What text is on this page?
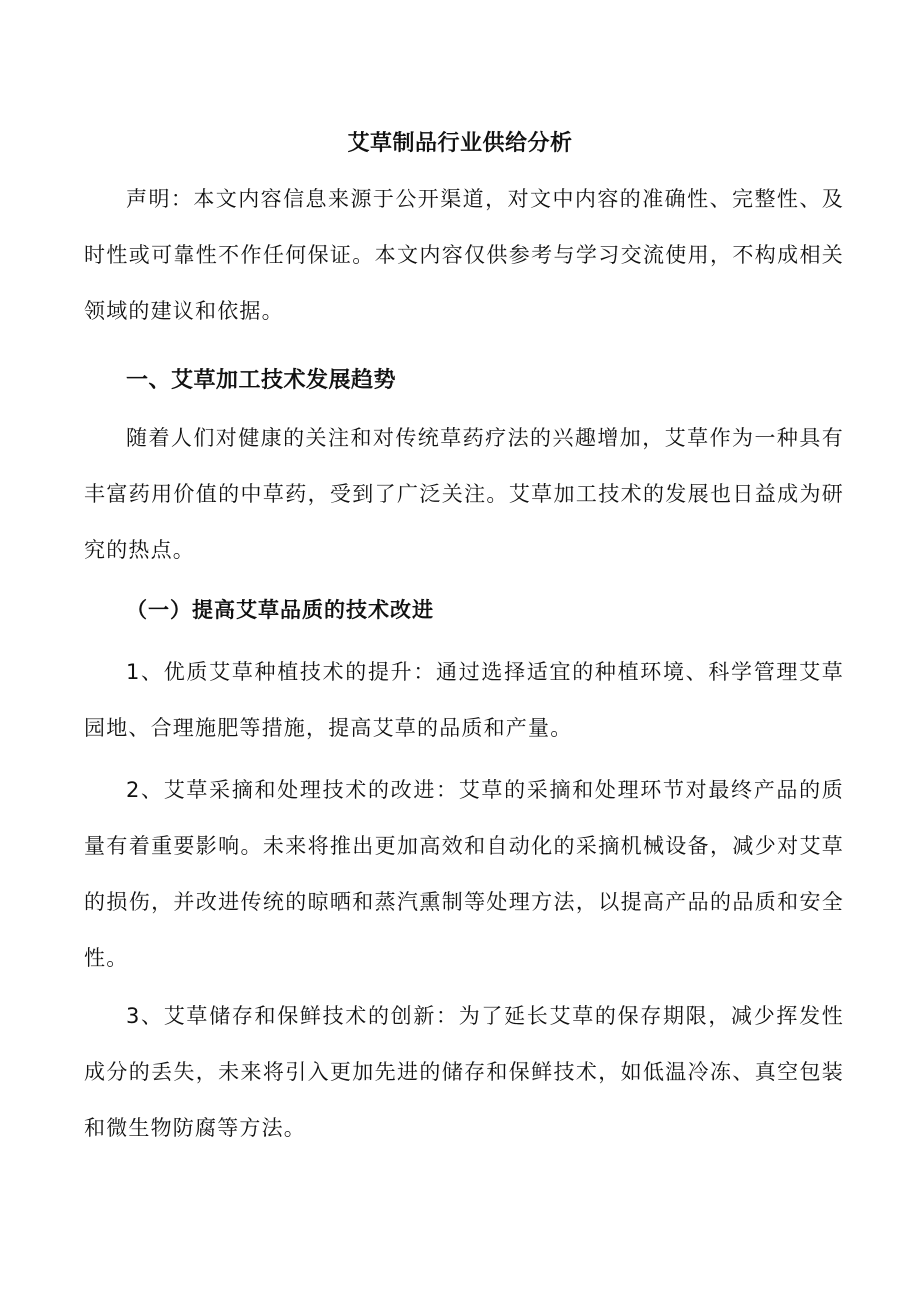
艾草制品行业供给分析

声明：本文内容信息来源于公开渠道，对文中内容的准确性、完整性、及时性或可靠性不作任何保证。本文内容仅供参考与学习交流使用，不构成相关领域的建议和依据。

一、艾草加工技术发展趋势

随着人们对健康的关注和对传统草药疗法的兴趣增加，艾草作为一种具有丰富药用价值的中草药，受到了广泛关注。艾草加工技术的发展也日益成为研究的热点。

（一）提高艾草品质的技术改进

1、优质艾草种植技术的提升：通过选择适宜的种植环境、科学管理艾草园地、合理施肥等措施，提高艾草的品质和产量。

2、艾草采摘和处理技术的改进：艾草的采摘和处理环节对最终产品的质量有着重要影响。未来将推出更加高效和自动化的采摘机械设备，减少对艾草的损伤，并改进传统的晾晒和蒸汽熏制等处理方法，以提高产品的品质和安全性。

3、艾草储存和保鲜技术的创新：为了延长艾草的保存期限，减少挥发性成分的丢失，未来将引入更加先进的储存和保鲜技术，如低温冷冻、真空包装和微生物防腐等方法。
